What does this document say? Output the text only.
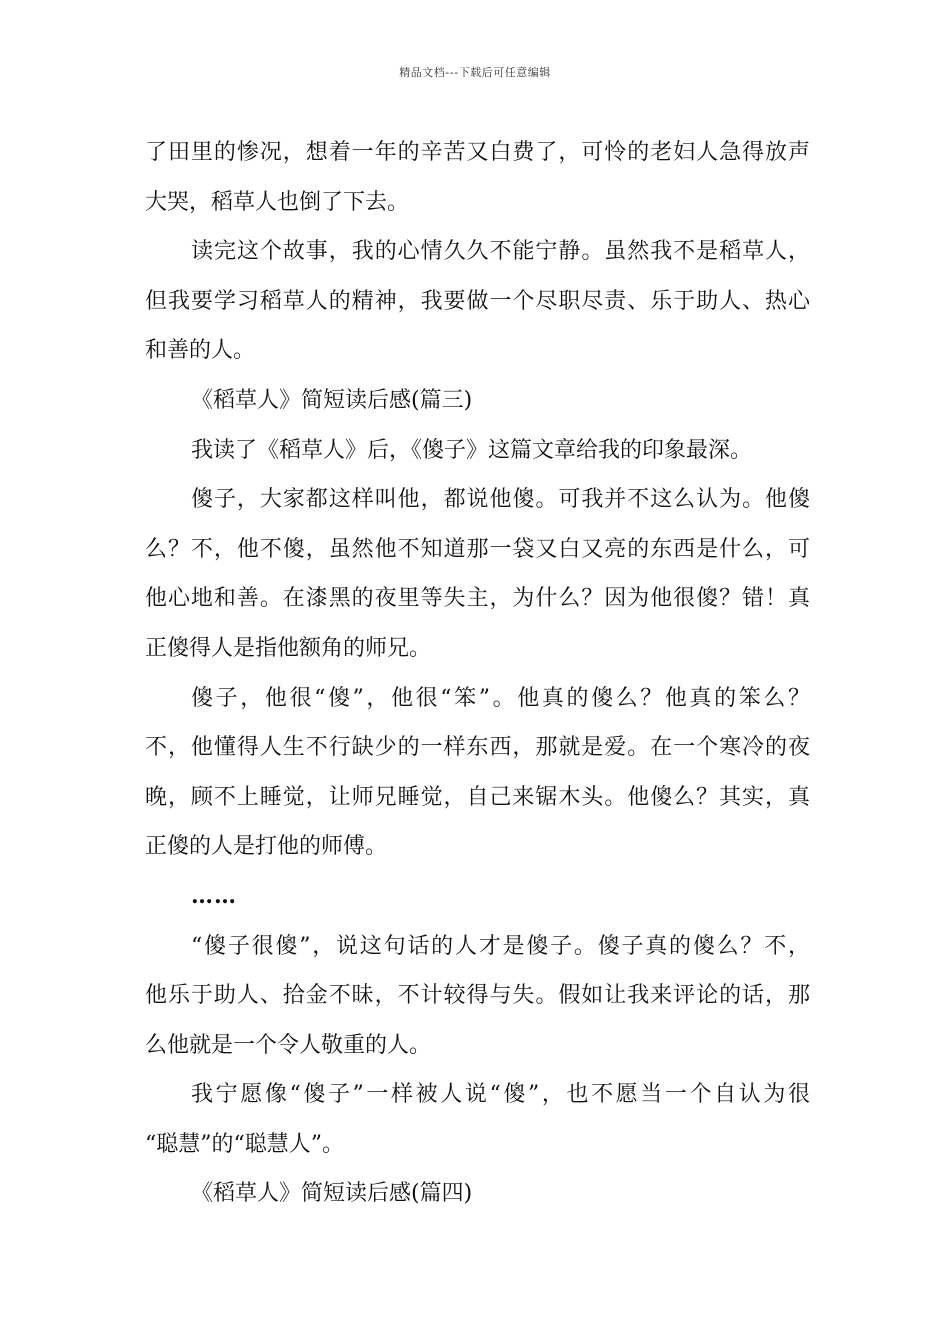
精品文档---下载后可任意编辑
了田里的惨况，想着一年的辛苦又白费了，可怜的老妇人急得放声
大哭，稻草人也倒了下去。
读完这个故事，我的心情久久不能宁静。虽然我不是稻草人，
但我要学习稻草人的精神，我要做一个尽职尽责、乐于助人、热心
和善的人。
《稻草人》简短读后感(篇三)
我读了《稻草人》后，《傻子》这篇文章给我的印象最深。
傻子，大家都这样叫他，都说他傻。可我并不这么认为。他傻
么？不，他不傻，虽然他不知道那一袋又白又亮的东西是什么，可
他心地和善。在漆黑的夜里等失主，为什么？因为他很傻？错！真
正傻得人是指他额角的师兄。
傻子，他很“傻”，他很“笨”。他真的傻么？他真的笨么？
不，他懂得人生不行缺少的一样东西，那就是爱。在一个寒冷的夜
晚，顾不上睡觉，让师兄睡觉，自己来锯木头。他傻么？其实，真
正傻的人是打他的师傅。
……
“傻子很傻”，说这句话的人才是傻子。傻子真的傻么？不，
他乐于助人、拾金不昧，不计较得与失。假如让我来评论的话，那
么他就是一个令人敬重的人。
我宁愿像“傻子”一样被人说“傻”，也不愿当一个自认为很
“聪慧”的“聪慧人”。
《稻草人》简短读后感(篇四)
